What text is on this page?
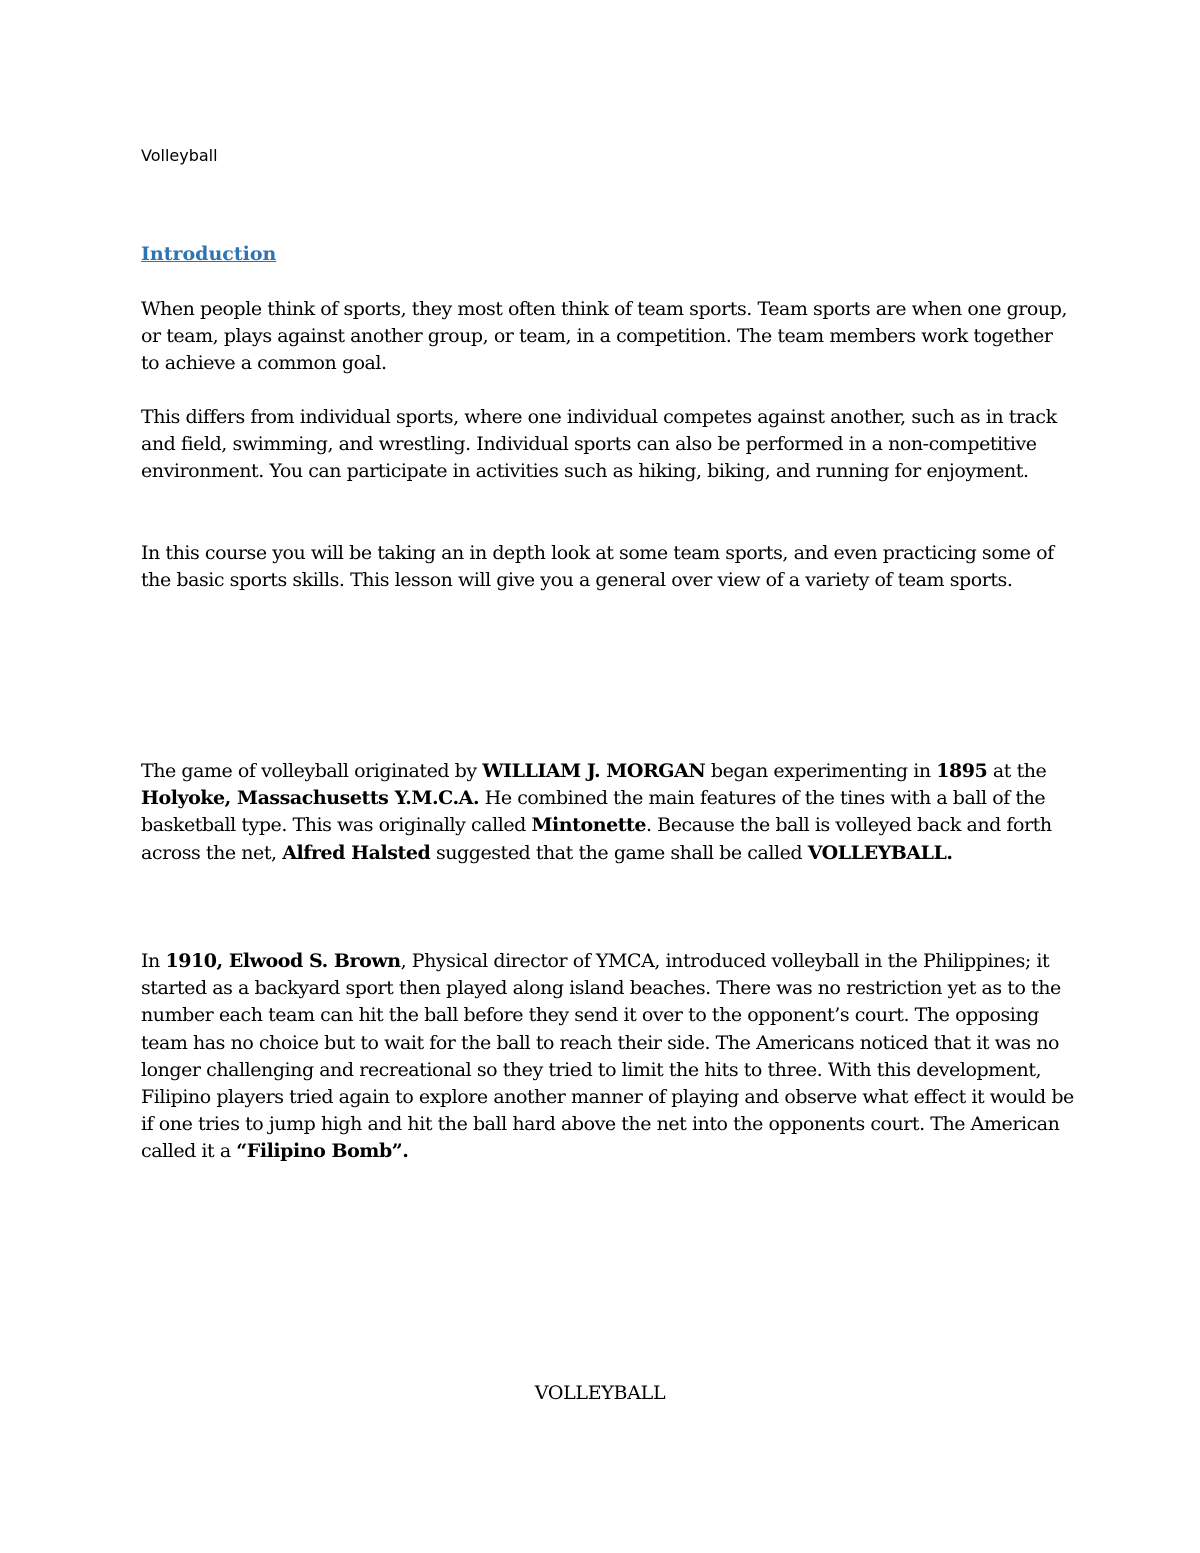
Volleyball

Introduction

When people think of sports, they most often think of team sports. Team sports are when one group, or team, plays against another group, or team, in a competition. The team members work together to achieve a common goal.

This differs from individual sports, where one individual competes against another, such as in track and field, swimming, and wrestling. Individual sports can also be performed in a non-competitive environment. You can participate in activities such as hiking, biking, and running for enjoyment.

In this course you will be taking an in depth look at some team sports, and even practicing some of the basic sports skills. This lesson will give you a general over view of a variety of team sports.

The game of volleyball originated by WILLIAM J. MORGAN began experimenting in 1895 at the Holyoke, Massachusetts Y.M.C.A. He combined the main features of the tines with a ball of the basketball type. This was originally called Mintonette. Because the ball is volleyed back and forth across the net, Alfred Halsted suggested that the game shall be called VOLLEYBALL.

In 1910, Elwood S. Brown, Physical director of YMCA, introduced volleyball in the Philippines; it started as a backyard sport then played along island beaches. There was no restriction yet as to the number each team can hit the ball before they send it over to the opponent’s court. The opposing team has no choice but to wait for the ball to reach their side. The Americans noticed that it was no longer challenging and recreational so they tried to limit the hits to three. With this development, Filipino players tried again to explore another manner of playing and observe what effect it would be if one tries to jump high and hit the ball hard above the net into the opponents court. The American called it a “Filipino Bomb”.

VOLLEYBALL
